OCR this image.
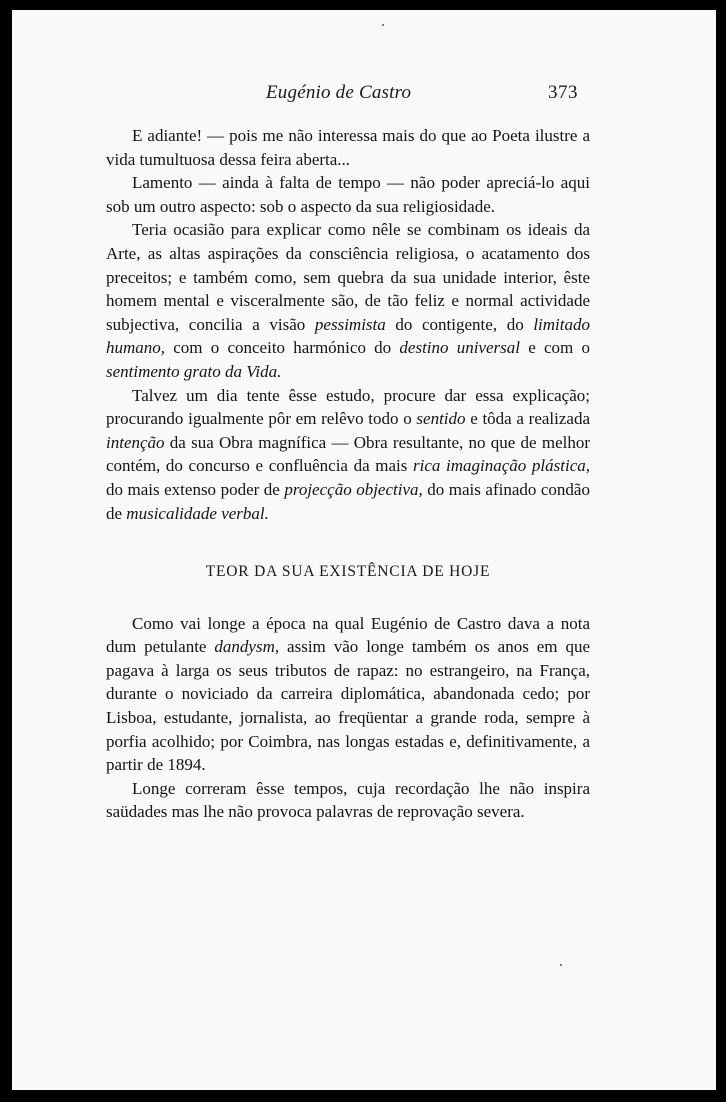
Eugénio de Castro	373

E adiante! — pois me não interessa mais do que ao Poeta ilustre a vida tumultuosa dessa feira aberta...

Lamento — ainda à falta de tempo — não poder apreciá-lo aqui sob um outro aspecto: sob o aspecto da sua religiosidade.

Teria ocasião para explicar como nêle se combinam os ideais da Arte, as altas aspirações da consciência religiosa, o acatamento dos preceitos; e também como, sem quebra da sua unidade interior, êste homem mental e visceralmente são, de tão feliz e normal actividade subjectiva, concilia a visão pessimista do contigente, do limitado humano, com o conceito harmónico do destino universal e com o sentimento grato da Vida.

Talvez um dia tente êsse estudo, procure dar essa explicação; procurando igualmente pôr em relêvo todo o sentido e tôda a realizada intenção da sua Obra magnífica — Obra resultante, no que de melhor contém, do concurso e confluência da mais rica imaginação plástica, do mais extenso poder de projecção objectiva, do mais afinado condão de musicalidade verbal.

TEOR DA SUA EXISTÊNCIA DE HOJE

Como vai longe a época na qual Eugénio de Castro dava a nota dum petulante dandysm, assim vão longe também os anos em que pagava à larga os seus tributos de rapaz: no estrangeiro, na França, durante o noviciado da carreira diplomática, abandonada cedo; por Lisboa, estudante, jornalista, ao freqüentar a grande roda, sempre à porfia acolhido; por Coimbra, nas longas estadas e, definitivamente, a partir de 1894.

Longe correram êsse tempos, cuja recordação lhe não inspira saüdades mas lhe não provoca palavras de reprovação severa.
